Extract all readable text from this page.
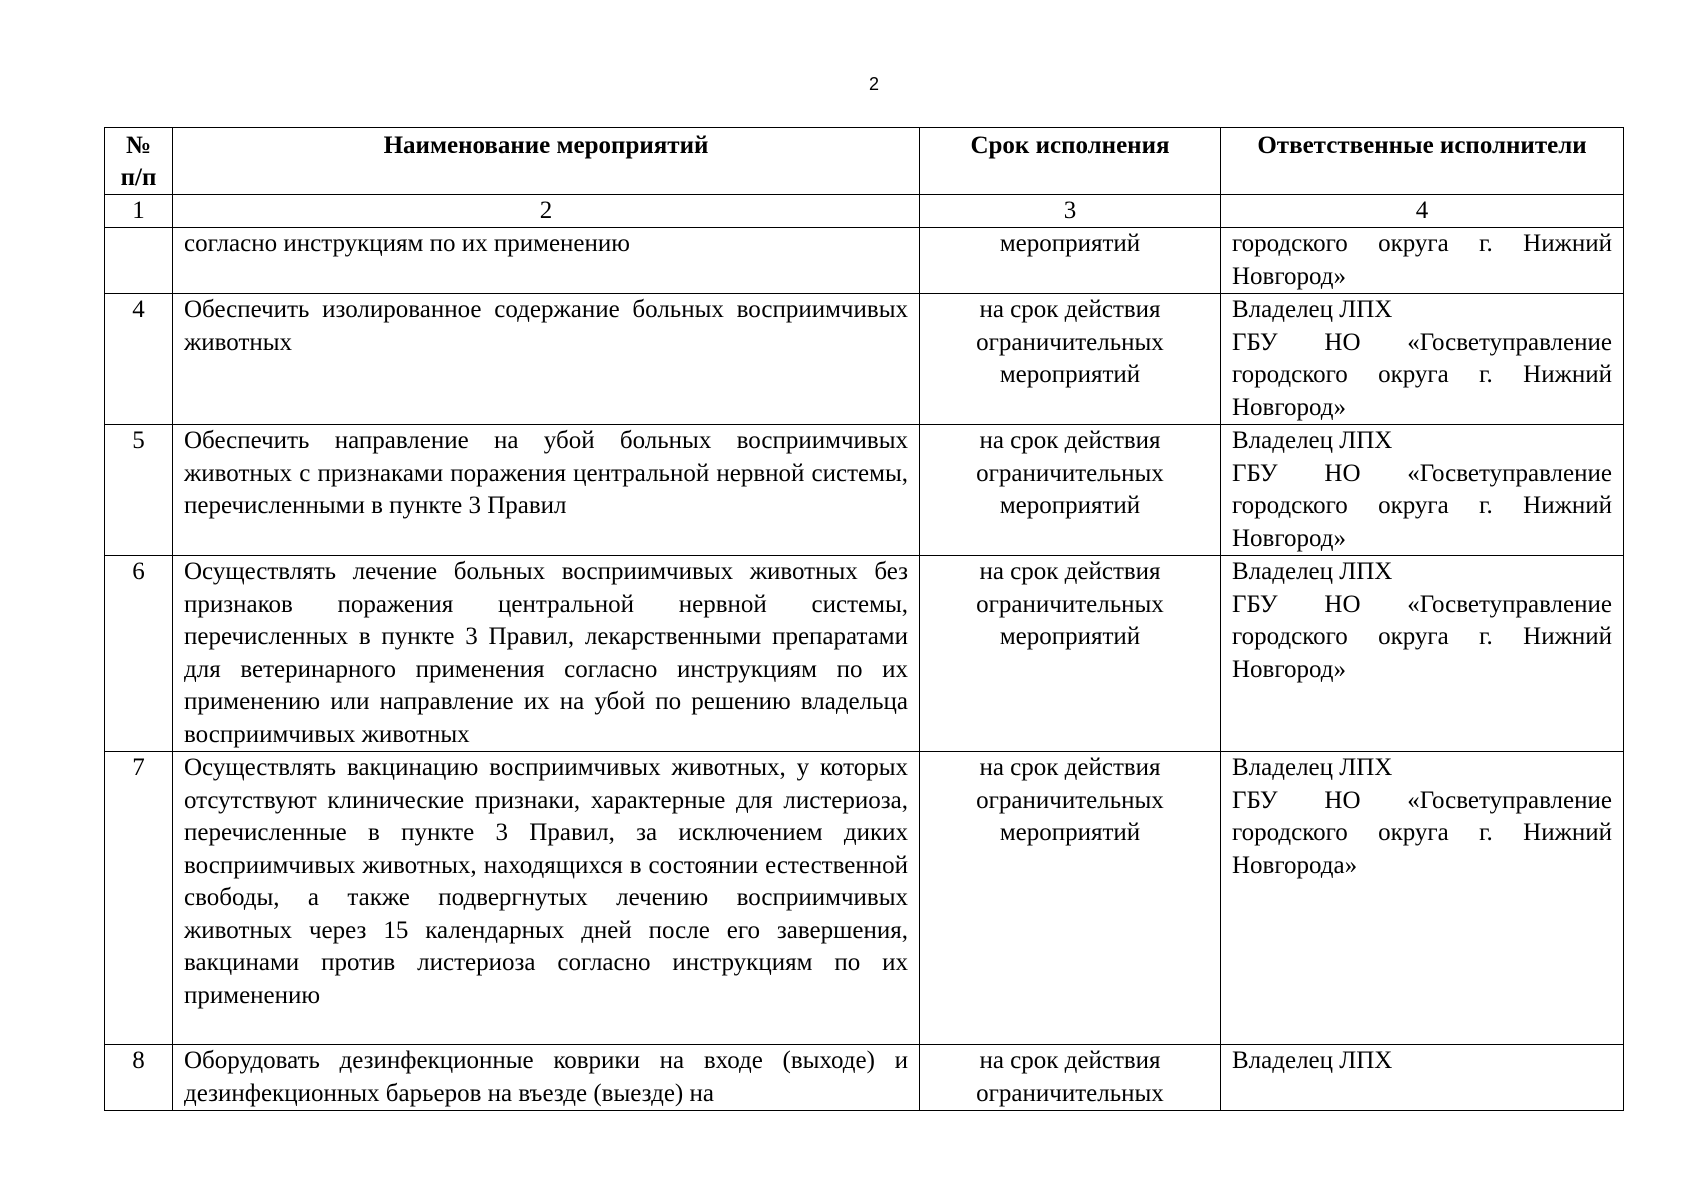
2
№ п/п	Наименование мероприятий	Срок исполнения	Ответственные исполнители
1	2	3	4
	согласно инструкциям по их применению	мероприятий	городского округа г. Нижний Новгород»
4	Обеспечить изолированное содержание больных восприимчивых животных	на срок действия ограничительных мероприятий	Владелец ЛПХ
ГБУ НО «Госветуправление городского округа г. Нижний Новгород»
5	Обеспечить направление на убой больных восприимчивых животных с признаками поражения центральной нервной системы, перечисленными в пункте 3 Правил	на срок действия ограничительных мероприятий	Владелец ЛПХ
ГБУ НО «Госветуправление городского округа г. Нижний Новгород»
6	Осуществлять лечение больных восприимчивых животных без признаков поражения центральной нервной системы, перечисленных в пункте 3 Правил, лекарственными препаратами для ветеринарного применения согласно инструкциям по их применению или направление их на убой по решению владельца восприимчивых животных	на срок действия ограничительных мероприятий	Владелец ЛПХ
ГБУ НО «Госветуправление городского округа г. Нижний Новгород»
7	Осуществлять вакцинацию восприимчивых животных, у которых отсутствуют клинические признаки, характерные для листериоза, перечисленные в пункте 3 Правил, за исключением диких восприимчивых животных, находящихся в состоянии естественной свободы, а также подвергнутых лечению восприимчивых животных через 15 календарных дней после его завершения, вакцинами против листериоза согласно инструкциям по их применению	на срок действия ограничительных мероприятий	Владелец ЛПХ
ГБУ НО «Госветуправление городского округа г. Нижний Новгорода»
8	Оборудовать дезинфекционные коврики на входе (выходе) и дезинфекционных барьеров на въезде (выезде) на	на срок действия ограничительных	Владелец ЛПХ
